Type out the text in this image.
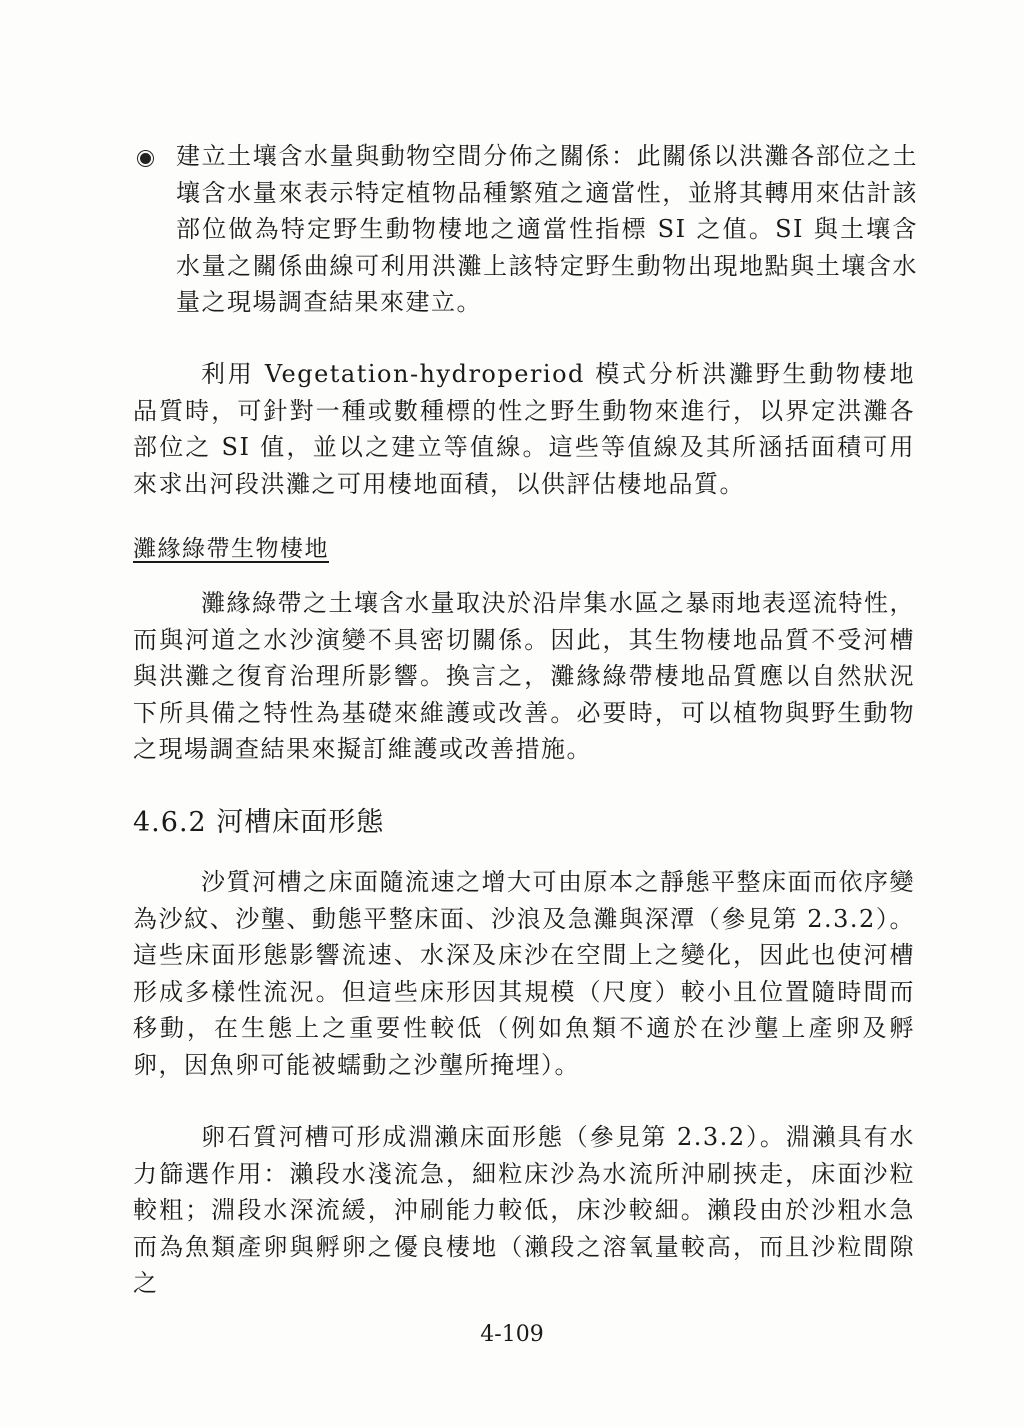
建立土壤含水量與動物空間分佈之關係：此關係以洪灘各部位之土壤含水量來表示特定植物品種繁殖之適當性，並將其轉用來估計該部位做為特定野生動物棲地之適當性指標 SI 之值。SI 與土壤含水量之關係曲線可利用洪灘上該特定野生動物出現地點與土壤含水量之現場調查結果來建立。

利用 Vegetation-hydroperiod 模式分析洪灘野生動物棲地品質時，可針對一種或數種標的性之野生動物來進行，以界定洪灘各部位之 SI 值，並以之建立等值線。這些等值線及其所涵括面積可用來求出河段洪灘之可用棲地面積，以供評估棲地品質。

灘緣綠帶生物棲地

灘緣綠帶之土壤含水量取決於沿岸集水區之暴雨地表逕流特性，而與河道之水沙演變不具密切關係。因此，其生物棲地品質不受河槽與洪灘之復育治理所影響。換言之，灘緣綠帶棲地品質應以自然狀況下所具備之特性為基礎來維護或改善。必要時，可以植物與野生動物之現場調查結果來擬訂維護或改善措施。

4.6.2 河槽床面形態

沙質河槽之床面隨流速之增大可由原本之靜態平整床面而依序變為沙紋、沙壟、動態平整床面、沙浪及急灘與深潭（參見第 2.3.2）。這些床面形態影響流速、水深及床沙在空間上之變化，因此也使河槽形成多樣性流況。但這些床形因其規模（尺度）較小且位置隨時間而移動，在生態上之重要性較低（例如魚類不適於在沙壟上產卵及孵卵，因魚卵可能被蠕動之沙壟所掩埋）。

卵石質河槽可形成淵瀨床面形態（參見第 2.3.2）。淵瀨具有水力篩選作用：瀨段水淺流急，細粒床沙為水流所沖刷挾走，床面沙粒較粗；淵段水深流緩，沖刷能力較低，床沙較細。瀨段由於沙粗水急而為魚類產卵與孵卵之優良棲地（瀨段之溶氧量較高，而且沙粒間隙之

4-109
